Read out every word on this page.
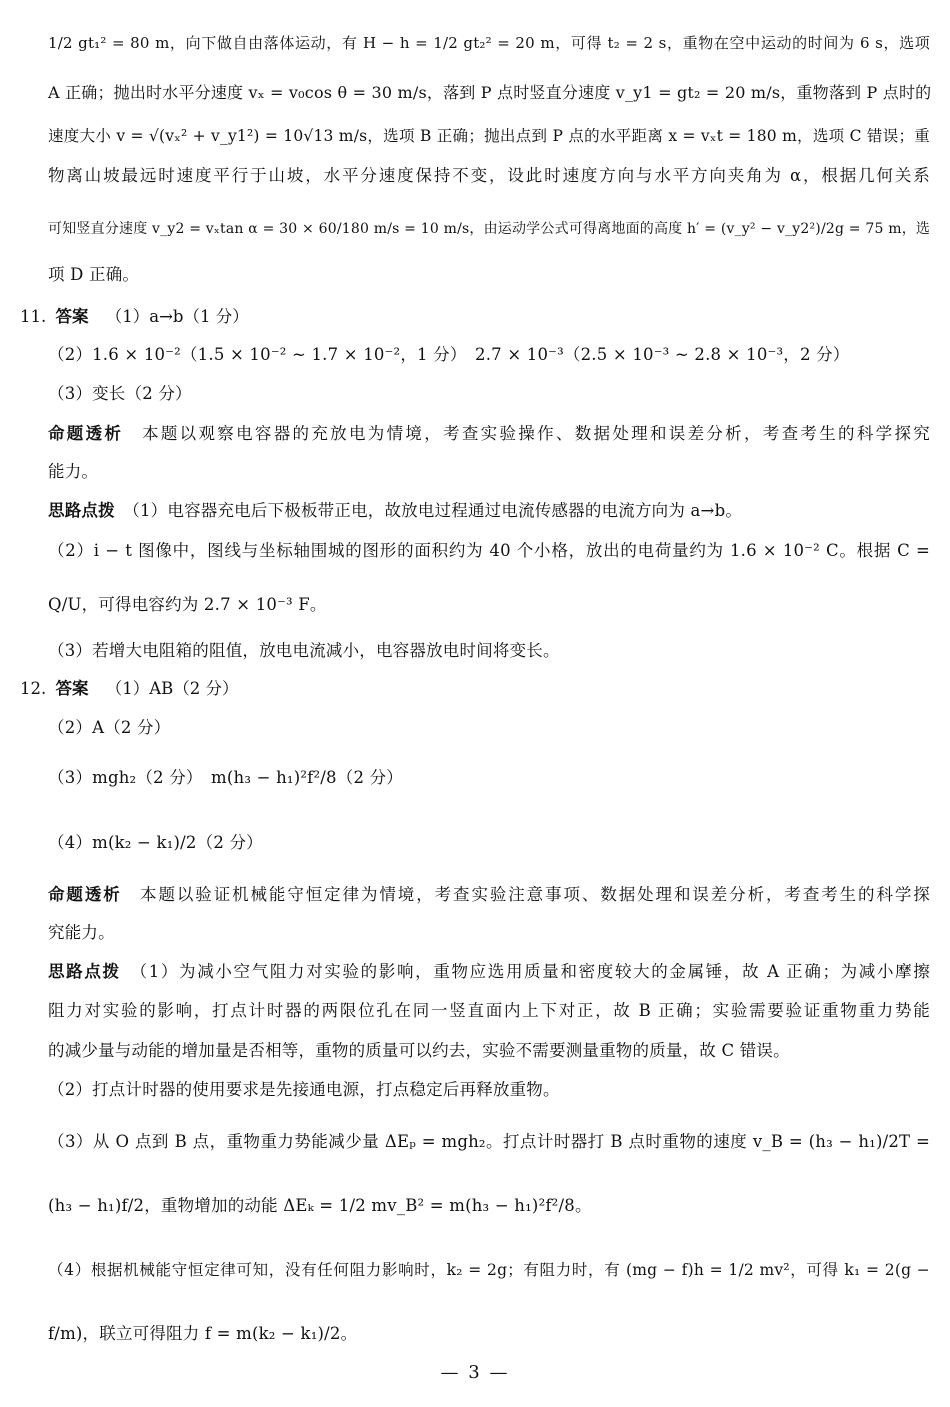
1/2 gt₁² = 80 m，向下做自由落体运动，有 H − h = 1/2 gt₂² = 20 m，可得 t₂ = 2 s，重物在空中运动的时间为 6 s，选项
A 正确；抛出时水平分速度 vₓ = v₀cos θ = 30 m/s，落到 P 点时竖直分速度 v_y1 = gt₂ = 20 m/s，重物落到 P 点时的
速度大小 v = √(vₓ² + v_y1²) = 10√13 m/s，选项 B 正确；抛出点到 P 点的水平距离 x = vₓt = 180 m，选项 C 错误；重
物离山坡最远时速度平行于山坡，水平分速度保持不变，设此时速度方向与水平方向夹角为 α，根据几何关系
可知竖直分速度 v_y2 = vₓtan α = 30 × 60/180 m/s = 10 m/s，由运动学公式可得离地面的高度 h′ = (v_y² − v_y2²)/2g = 75 m，选
项 D 正确。
11. 答案 （1）a→b（1 分）
（2）1.6 × 10⁻²（1.5 × 10⁻² ~ 1.7 × 10⁻²，1 分）　2.7 × 10⁻³（2.5 × 10⁻³ ~ 2.8 × 10⁻³，2 分）
（3）变长（2 分）
命题透析　 本题以观察电容器的充放电为情境，考查实验操作、数据处理和误差分析，考查考生的科学探究
能力。
思路点拨　 （1）电容器充电后下极板带正电，故放电过程通过电流传感器的电流方向为 a→b。
（2）i − t 图像中，图线与坐标轴围城的图形的面积约为 40 个小格，放出的电荷量约为 1.6 × 10⁻² C。根据 C =
Q/U，可得电容约为 2.7 × 10⁻³ F。
（3）若增大电阻箱的阻值，放电电流减小，电容器放电时间将变长。
12. 答案 （1）AB（2 分）
（2）A（2 分）
（3）mgh₂（2 分）　m(h₃ − h₁)²f²/8（2 分）
（4）m(k₂ − k₁)/2（2 分）
命题透析　 本题以验证机械能守恒定律为情境，考查实验注意事项、数据处理和误差分析，考查考生的科学探
究能力。
思路点拨　 （1）为减小空气阻力对实验的影响，重物应选用质量和密度较大的金属锤，故 A 正确；为减小摩擦
阻力对实验的影响，打点计时器的两限位孔在同一竖直面内上下对正，故 B 正确；实验需要验证重物重力势能
的减少量与动能的增加量是否相等，重物的质量可以约去，实验不需要测量重物的质量，故 C 错误。
（2）打点计时器的使用要求是先接通电源，打点稳定后再释放重物。
（3）从 O 点到 B 点，重物重力势能减少量 ΔEₚ = mgh₂。打点计时器打 B 点时重物的速度 v_B = (h₃ − h₁)/2T =
(h₃ − h₁)f/2，重物增加的动能 ΔEₖ = 1/2 mv_B² = m(h₃ − h₁)²f²/8。
（4）根据机械能守恒定律可知，没有任何阻力影响时，k₂ = 2g；有阻力时，有 (mg − f)h = 1/2 mv²，可得 k₁ = 2(g −
f/m)，联立可得阻力 f = m(k₂ − k₁)/2。
— 3 —
